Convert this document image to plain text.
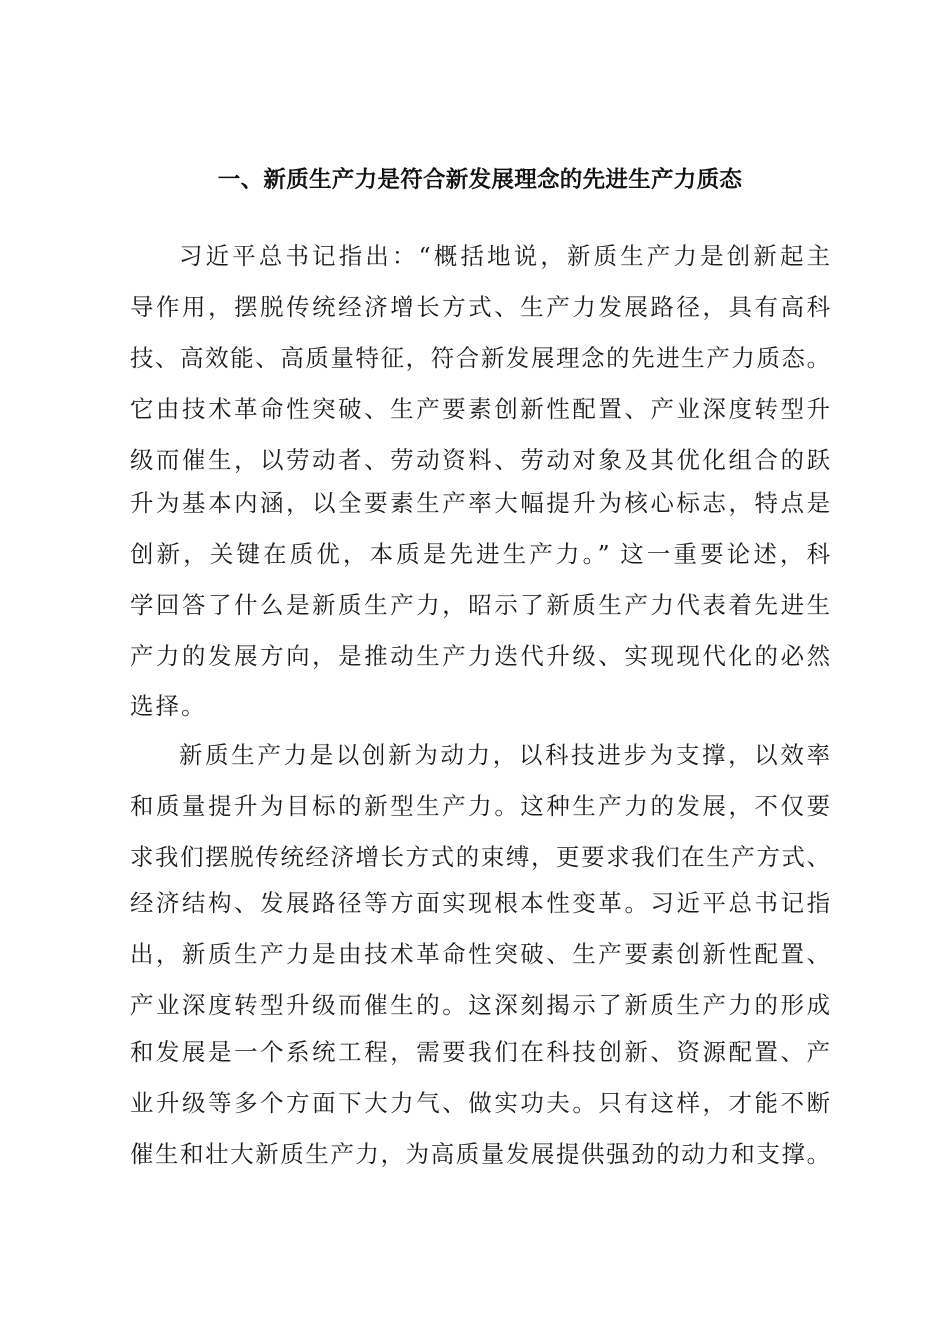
一、新质生产力是符合新发展理念的先进生产力质态

习近平总书记指出：“概括地说，新质生产力是创新起主

导作用，摆脱传统经济增长方式、生产力发展路径，具有高科

技、高效能、高质量特征，符合新发展理念的先进生产力质态。

它由技术革命性突破、生产要素创新性配置、产业深度转型升

级而催生，以劳动者、劳动资料、劳动对象及其优化组合的跃

升为基本内涵，以全要素生产率大幅提升为核心标志，特点是

创新，关键在质优，本质是先进生产力。” 这一重要论述，科

学回答了什么是新质生产力，昭示了新质生产力代表着先进生

产力的发展方向，是推动生产力迭代升级、实现现代化的必然

选择。

新质生产力是以创新为动力，以科技进步为支撑，以效率

和质量提升为目标的新型生产力。这种生产力的发展，不仅要

求我们摆脱传统经济增长方式的束缚，更要求我们在生产方式、

经济结构、发展路径等方面实现根本性变革。习近平总书记指

出，新质生产力是由技术革命性突破、生产要素创新性配置、

产业深度转型升级而催生的。这深刻揭示了新质生产力的形成

和发展是一个系统工程，需要我们在科技创新、资源配置、产

业升级等多个方面下大力气、做实功夫。只有这样，才能不断

催生和壮大新质生产力，为高质量发展提供强劲的动力和支撑。
